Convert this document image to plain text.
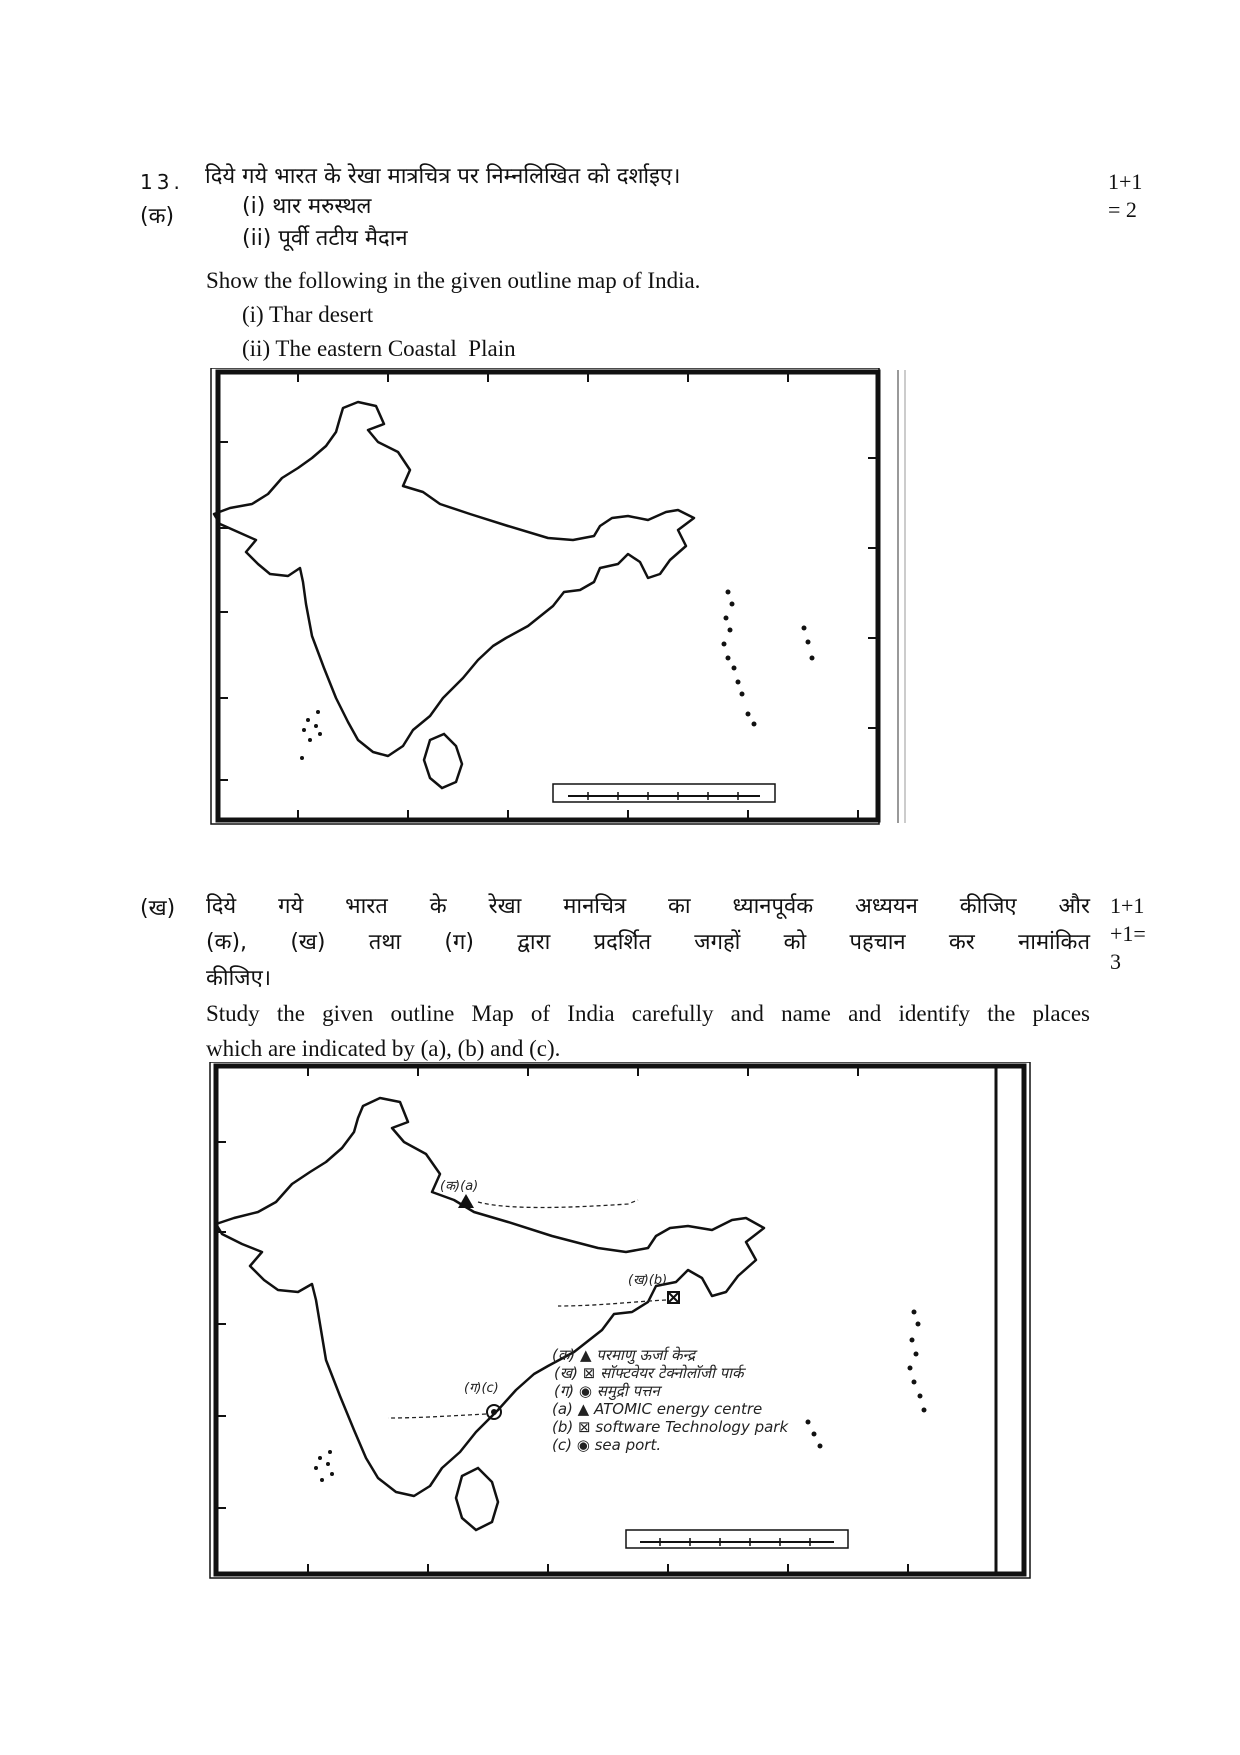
13.
(क)
दिये गये भारत के रेखा मात्रचित्र पर निम्नलिखित को दर्शाइए।
(i) थार मरुस्थल
(ii) पूर्वी तटीय मैदान
Show the following in the given outline map of India.
(i) Thar desert
(ii) The eastern Coastal  Plain
1+1
= 2
(ख) दिये गये भारत के रेखा मानचित्र का ध्यानपूर्वक अध्ययन कीजिए और
(क), (ख) तथा (ग) द्वारा प्रदर्शित जगहों को पहचान कर नामांकित
कीजिए।
Study the given outline Map of India carefully and name and identify the places
which are indicated by (a), (b) and (c).
1+1
+1=
3
(क)(a)
(ख)(b)
(ग)(c)
(क) ▲ परमाणु ऊर्जा केन्द्र
(ख) ⊠ सॉफ्टवेयर टेक्नोलॉजी पार्क
(ग) ◉ समुद्री पत्तन
(a) ▲ ATOMIC energy centre
(b) ⊠ software Technology park
(c) ◉ sea port.
